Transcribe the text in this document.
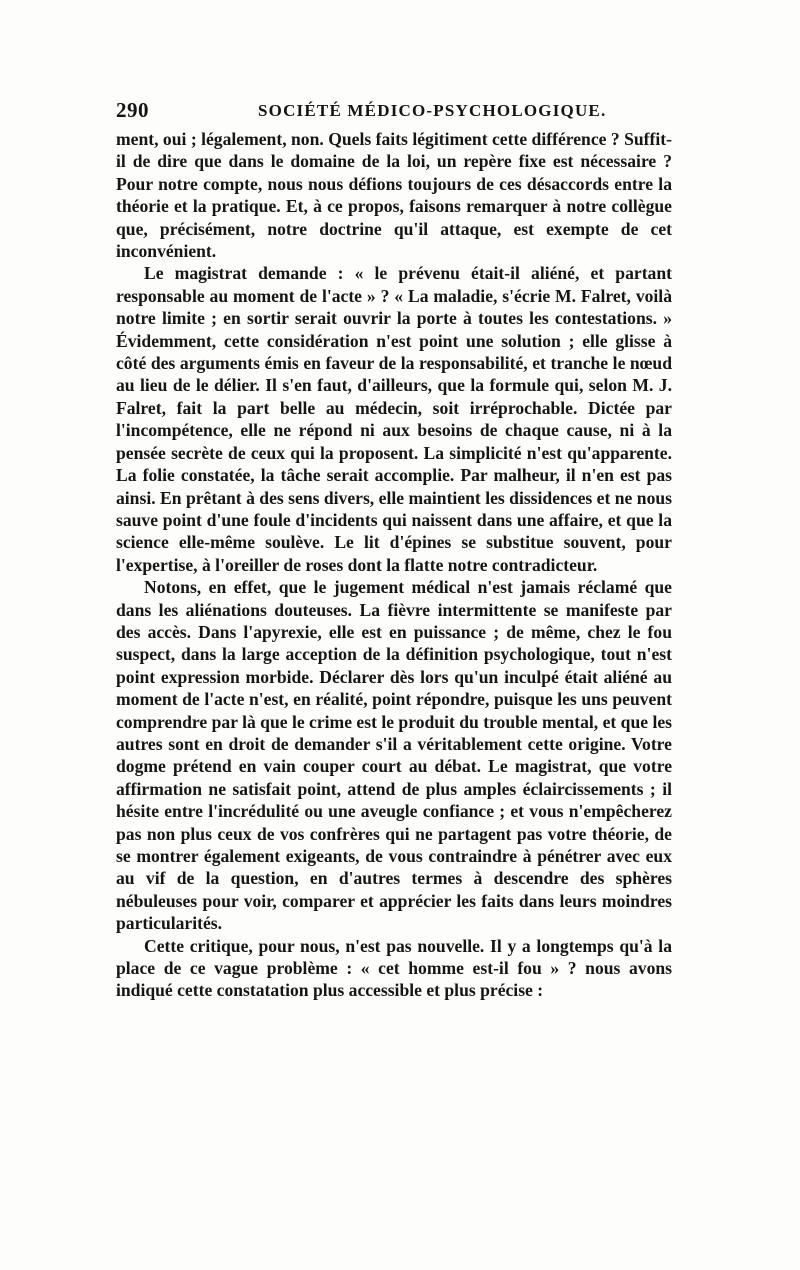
290	SOCIÉTÉ MÉDICO-PSYCHOLOGIQUE.

ment, oui ; légalement, non. Quels faits légitiment cette différence ? Suffit-il de dire que dans le domaine de la loi, un repère fixe est nécessaire ? Pour notre compte, nous nous défions toujours de ces désaccords entre la théorie et la pratique. Et, à ce propos, faisons remarquer à notre collègue que, précisément, notre doctrine qu'il attaque, est exempte de cet inconvénient.

Le magistrat demande : « le prévenu était-il aliéné, et partant responsable au moment de l'acte » ? « La maladie, s'écrie M. Falret, voilà notre limite ; en sortir serait ouvrir la porte à toutes les contestations. » Évidemment, cette considération n'est point une solution ; elle glisse à côté des arguments émis en faveur de la responsabilité, et tranche le nœud au lieu de le délier. Il s'en faut, d'ailleurs, que la formule qui, selon M. J. Falret, fait la part belle au médecin, soit irréprochable. Dictée par l'incompétence, elle ne répond ni aux besoins de chaque cause, ni à la pensée secrète de ceux qui la proposent. La simplicité n'est qu'apparente. La folie constatée, la tâche serait accomplie. Par malheur, il n'en est pas ainsi. En prêtant à des sens divers, elle maintient les dissidences et ne nous sauve point d'une foule d'incidents qui naissent dans une affaire, et que la science elle-même soulève. Le lit d'épines se substitue souvent, pour l'expertise, à l'oreiller de roses dont la flatte notre contradicteur.

Notons, en effet, que le jugement médical n'est jamais réclamé que dans les aliénations douteuses. La fièvre intermittente se manifeste par des accès. Dans l'apyrexie, elle est en puissance ; de même, chez le fou suspect, dans la large acception de la définition psychologique, tout n'est point expression morbide. Déclarer dès lors qu'un inculpé était aliéné au moment de l'acte n'est, en réalité, point répondre, puisque les uns peuvent comprendre par là que le crime est le produit du trouble mental, et que les autres sont en droit de demander s'il a véritablement cette origine. Votre dogme prétend en vain couper court au débat. Le magistrat, que votre affirmation ne satisfait point, attend de plus amples éclaircissements ; il hésite entre l'incrédulité ou une aveugle confiance ; et vous n'empêcherez pas non plus ceux de vos confrères qui ne partagent pas votre théorie, de se montrer également exigeants, de vous contraindre à pénétrer avec eux au vif de la question, en d'autres termes à descendre des sphères nébuleuses pour voir, comparer et apprécier les faits dans leurs moindres particularités.

Cette critique, pour nous, n'est pas nouvelle. Il y a longtemps qu'à la place de ce vague problème : « cet homme est-il fou » ? nous avons indiqué cette constatation plus accessible et plus précise :
